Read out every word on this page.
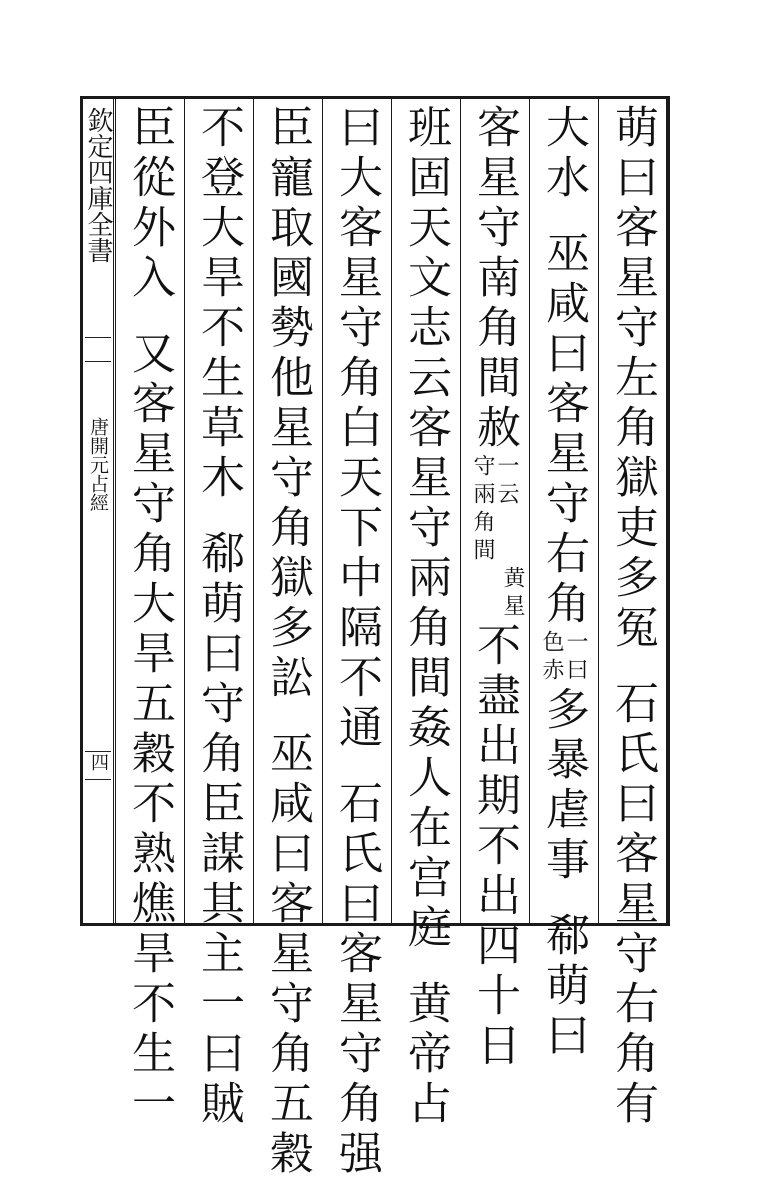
欽定四庫全書
唐開元占經
四
萌曰客星守左角獄吏多冤石氏曰客星守右角有
大水巫咸曰客星守右角
一曰
色赤
多暴虐事郗萌曰
客星守南角間赦
一云
守兩角間
黄星不盡出期不出四十日
班固天文志云客星守兩角間姦人在宫庭黄帝占
曰大客星守角白天下中隔不通石氏曰客星守角强
臣寵取國勢他星守角獄多訟巫咸曰客星守角五穀
不登大旱不生草木郗萌曰守角臣謀其主一曰賊
臣從外入又客星守角大旱五穀不熟燋旱不生一
